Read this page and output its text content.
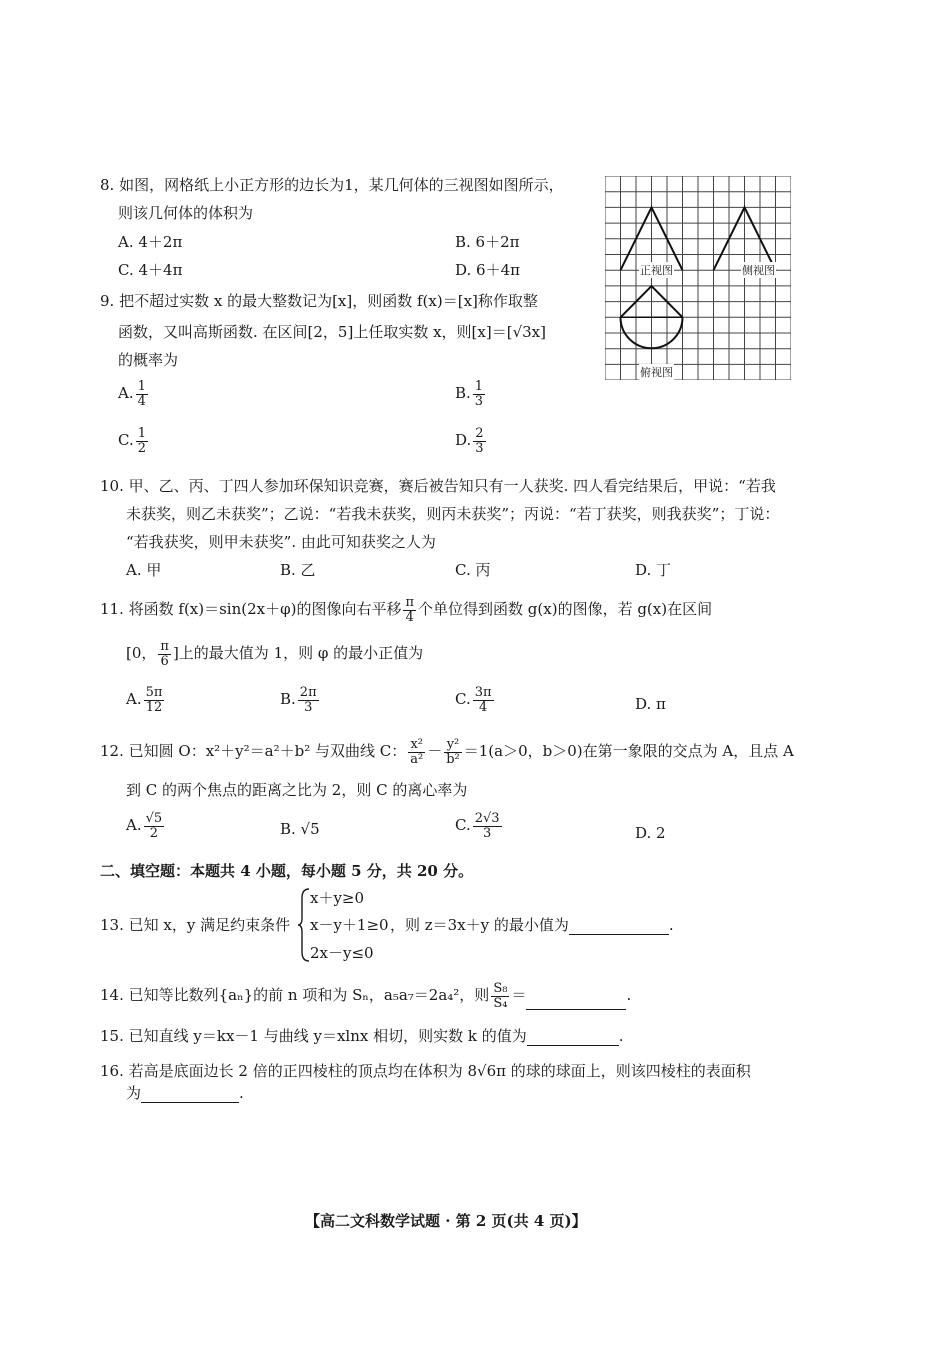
8. 如图，网格纸上小正方形的边长为1，某几何体的三视图如图所示，
则该几何体的体积为
A. 4＋2π	B. 6＋2π
C. 4＋4π	D. 6＋4π	正视图	侧视图
俯视图
9. 把不超过实数 x 的最大整数记为[x]，则函数 f(x)＝[x]称作取整
函数，又叫高斯函数. 在区间[2，5]上任取实数 x，则[x]＝[√3x]
的概率为
A. $\frac{1}{4}$	B. $\frac{1}{3}$
C. $\frac{1}{2}$	D. $\frac{2}{3}$
10. 甲、乙、丙、丁四人参加环保知识竞赛，赛后被告知只有一人获奖. 四人看完结果后，甲说：“若我
未获奖，则乙未获奖”；乙说：“若我未获奖，则丙未获奖”；丙说：“若丁获奖，则我获奖”；丁说：
“若我获奖，则甲未获奖”. 由此可知获奖之人为
A. 甲	B. 乙	C. 丙	D. 丁
11. 将函数 f(x)＝sin(2x＋φ)的图像向右平移 $\frac{\pi}{4}$ 个单位得到函数 g(x)的图像，若 g(x)在区间
[0， $\frac{\pi}{6}$ ]上的最大值为 1，则 φ 的最小正值为
A. $\frac{5\pi}{12}$	B. $\frac{2\pi}{3}$	C. $\frac{3\pi}{4}$	D. π
12. 已知圆 O：x²＋y²＝a²＋b² 与双曲线 C： $\frac{\text{x²}}{\text{a²}} - \frac{\text{y²}}{\text{b²}} =1(a>0$，b＞0)在第一象限的交点为 A，且点 A
到 C 的两个焦点的距离之比为 2，则 C 的离心率为
A. $\frac{√5}{2}$	B. √5	C. $\frac{2√3}{3}$	D. 2
二、填空题：本题共 4 小题，每小题 5 分，共 20 分。
13. 已知 x，y 满足约束条件
x＋y≥0
x－y＋1≥0
2x－y≤0
，则 z＝3x＋y 的最小值为	.
14. 已知等比数列{aₙ}的前 n 项和为 Sₙ，a₅a₇＝2a₄²，则 $\frac{\text{S₈}}{\text{S₄}}$ ＝	.
15. 已知直线 y＝kx－1 与曲线 y＝xlnx 相切，则实数 k 的值为	.
16. 若高是底面边长 2 倍的正四棱柱的顶点均在体积为 8√6π 的球的球面上，则该四棱柱的表面积
为	.
【高二文科数学试题 · 第 2 页(共 4 页)】
